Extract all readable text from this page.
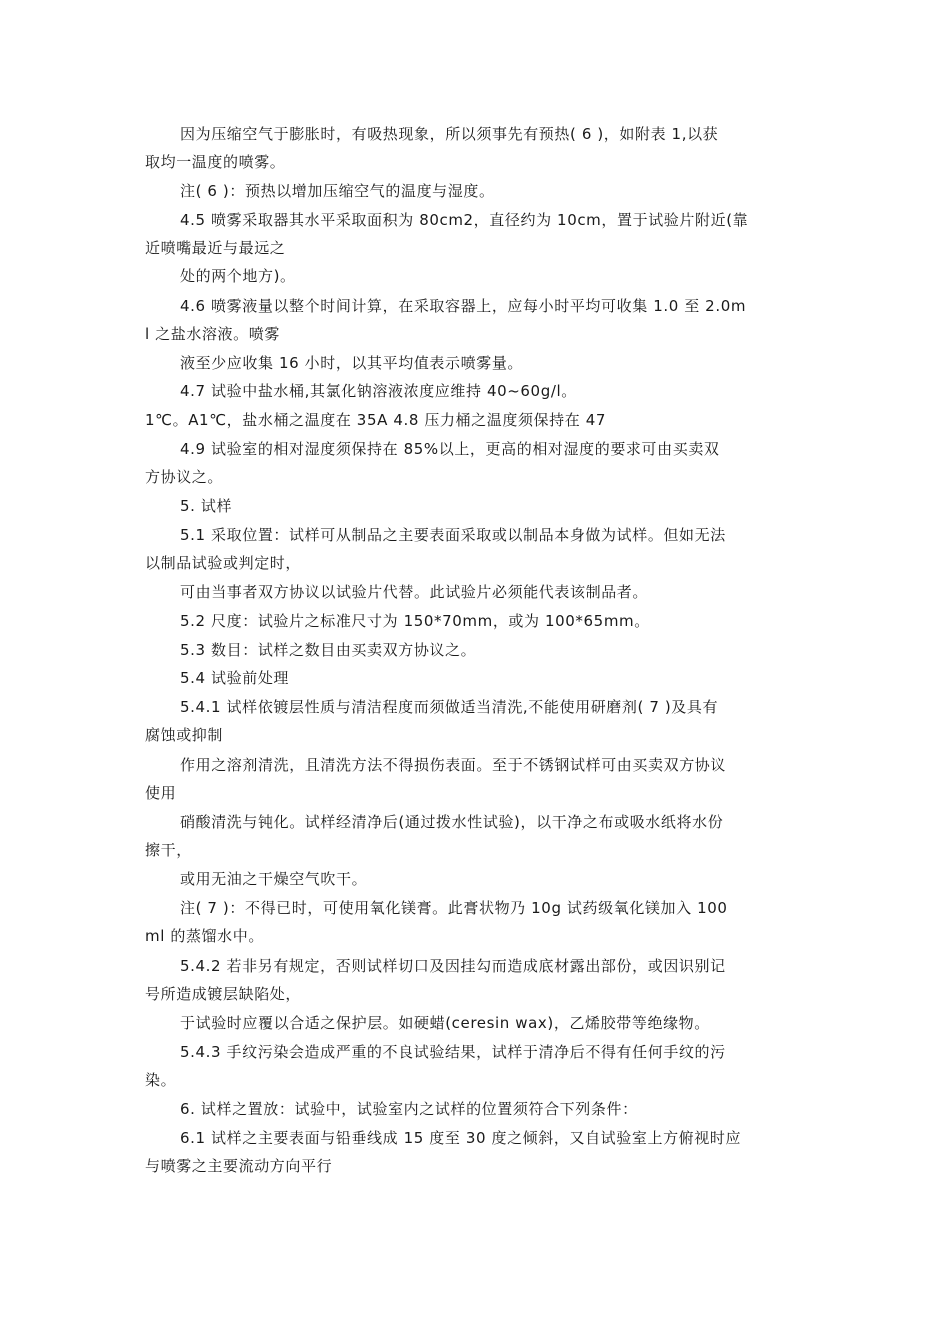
因为压缩空气于膨胀时，有吸热现象，所以须事先有预热( 6 )，如附表 1,以获
取均一温度的喷雾。
注( 6 )：预热以增加压缩空气的温度与湿度。
4.5 喷雾采取器其水平采取面积为 80cm2，直径约为 10cm，置于试验片附近(靠
近喷嘴最近与最远之
处的两个地方)。
4.6 喷雾液量以整个时间计算，在采取容器上，应每小时平均可收集 1.0 至 2.0m
l 之盐水溶液。喷雾
液至少应收集 16 小时，以其平均值表示喷雾量。
4.7 试验中盐水桶,其氯化钠溶液浓度应维持 40~60g/l。
1℃。A1℃，盐水桶之温度在 35A 4.8 压力桶之温度须保持在 47
4.9 试验室的相对湿度须保持在 85%以上，更高的相对湿度的要求可由买卖双
方协议之。
5. 试样
5.1 采取位置：试样可从制品之主要表面采取或以制品本身做为试样。但如无法
以制品试验或判定时，
可由当事者双方协议以试验片代替。此试验片必须能代表该制品者。
5.2 尺度：试验片之标准尺寸为 150*70mm，或为 100*65mm。
5.3 数目：试样之数目由买卖双方协议之。
5.4 试验前处理
5.4.1 试样依镀层性质与清洁程度而须做适当清洗,不能使用研磨剂( 7 )及具有
腐蚀或抑制
作用之溶剂清洗，且清洗方法不得损伤表面。至于不锈钢试样可由买卖双方协议
使用
硝酸清洗与钝化。试样经清净后(通过拨水性试验)，以干净之布或吸水纸将水份
擦干，
或用无油之干燥空气吹干。
注( 7 )：不得已时，可使用氧化镁膏。此膏状物乃 10g 试药级氧化镁加入 100
ml 的蒸馏水中。
5.4.2 若非另有规定，否则试样切口及因挂勾而造成底材露出部份，或因识别记
号所造成镀层缺陷处，
于试验时应覆以合适之保护层。如硬蜡(ceresin wax)，乙烯胶带等绝缘物。
5.4.3 手纹污染会造成严重的不良试验结果，试样于清净后不得有任何手纹的污
染。
6. 试样之置放：试验中，试验室内之试样的位置须符合下列条件：
6.1 试样之主要表面与铅垂线成 15 度至 30 度之倾斜，又自试验室上方俯视时应
与喷雾之主要流动方向平行
